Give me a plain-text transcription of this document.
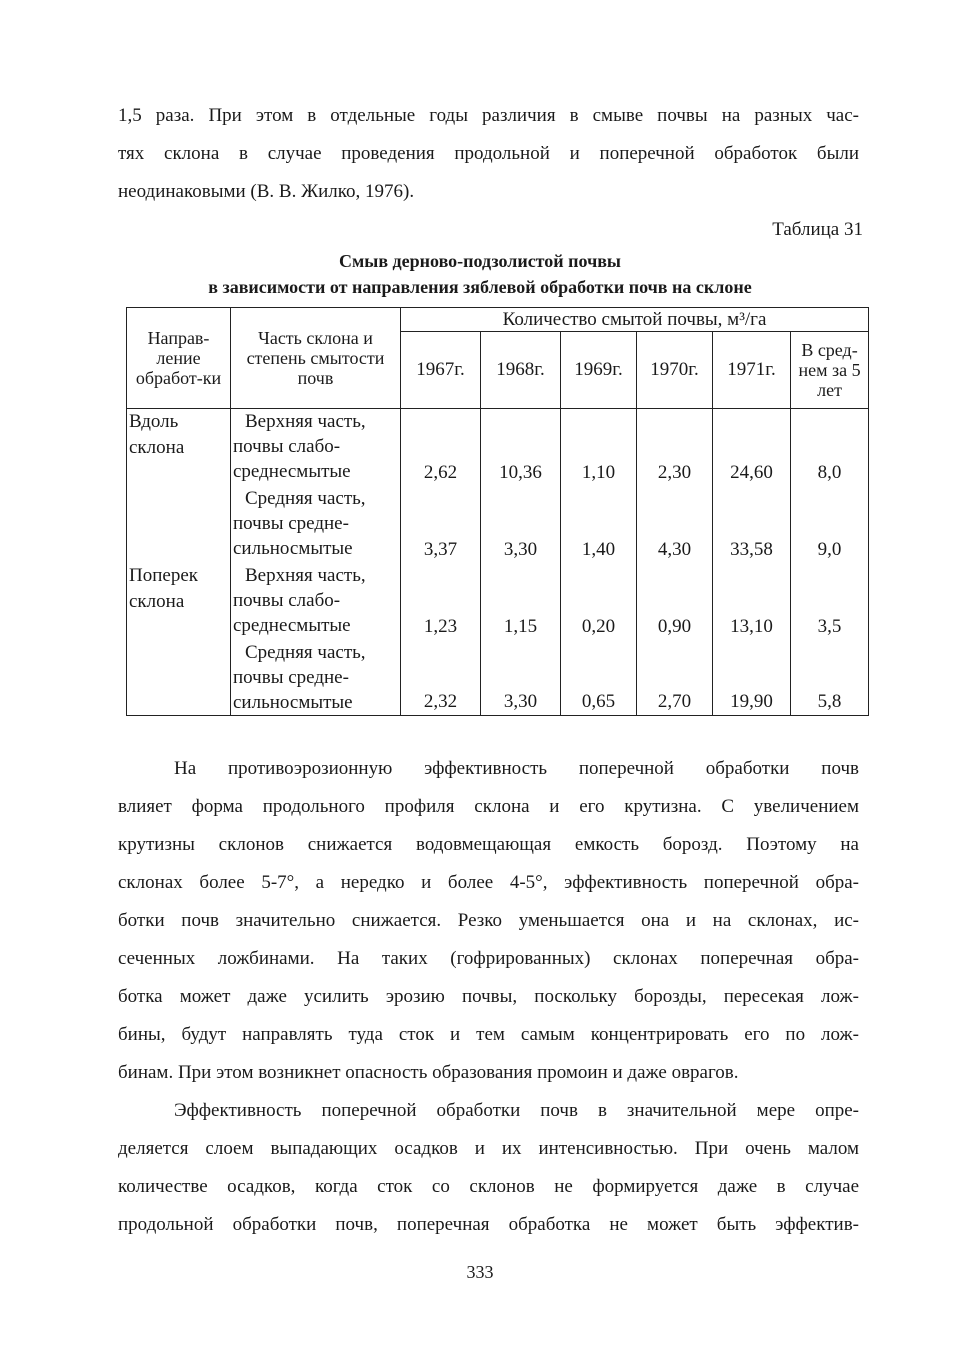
1,5 раза. При этом в отдельные годы различия в смыве почвы на разных час-
тях склона в случае проведения продольной и поперечной обработок были
неодинаковыми (В. В. Жилко, 1976).
Таблица 31
Смыв дерново-подзолистой почвы
в зависимости от направления зяблевой обработки почв на склоне
Направ-ление обработ-ки	Часть склона и степень смытости почв	Количество смытой почвы, м³/га					
		1967г.	1968г.	1969г.	1970г.	1971г.	В сред-нем за 5 лет
Вдоль склона	Верхняя часть,
почвы слабо-
среднесмытые	2,62	10,36	1,10	2,30	24,60	8,0

	Средняя часть,
почвы средне-
сильносмытые	3,37	3,30	1,40	4,30	33,58	9,0
Поперек склона	Верхняя часть,
почвы слабо-
среднесмытые	1,23	1,15	0,20	0,90	13,10	3,5

	Средняя часть,
почвы средне-
сильносмытые	2,32	3,30	0,65	2,70	19,90	5,8
На противоэрозионную эффективность поперечной обработки почв
влияет форма продольного профиля склона и его крутизна. С увеличением
крутизны склонов снижается водовмещающая емкость борозд. Поэтому на
склонах более 5-7°, а нередко и более 4-5°, эффективность поперечной обра-
ботки почв значительно снижается. Резко уменьшается она и на склонах, ис-
сеченных ложбинами. На таких (гофрированных) склонах поперечная обра-
ботка может даже усилить эрозию почвы, поскольку борозды, пересекая лож-
бины, будут направлять туда сток и тем самым концентрировать его по лож-
бинам. При этом возникнет опасность образования промоин и даже оврагов.
Эффективность поперечной обработки почв в значительной мере опре-
деляется слоем выпадающих осадков и их интенсивностью. При очень малом
количестве осадков, когда сток со склонов не формируется даже в случае
продольной обработки почв, поперечная обработка не может быть эффектив-
333
